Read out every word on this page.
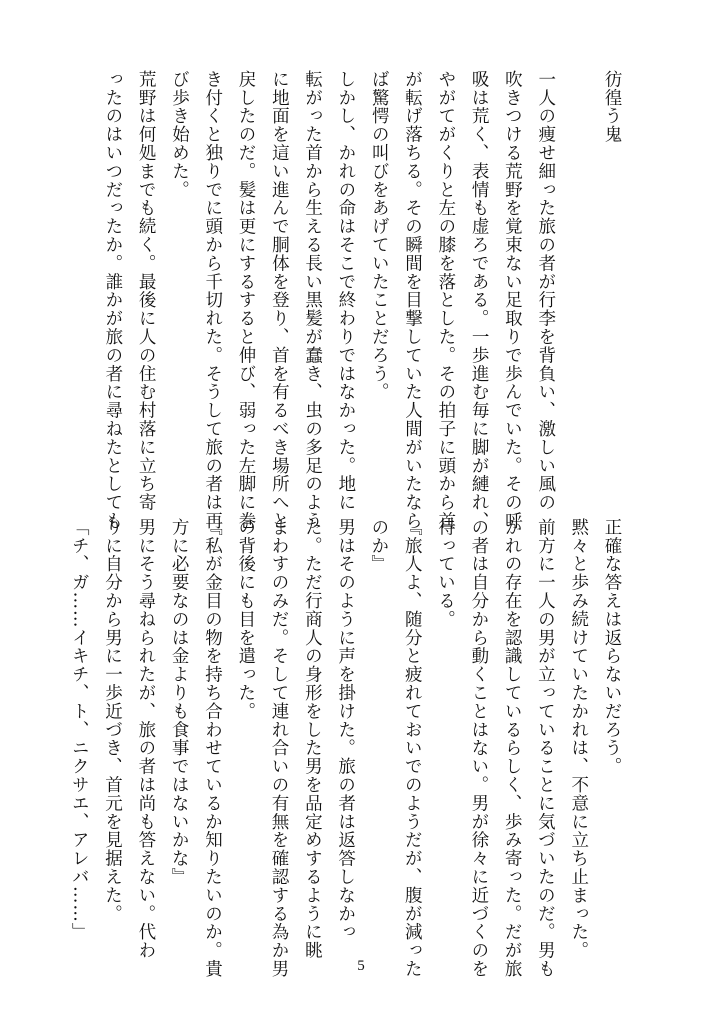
彷徨う鬼
一人の痩せ細った旅の者が行李を背負い、激しい風の
吹きつける荒野を覚束ない足取りで歩んでいた。その呼
吸は荒く、表情も虚ろである。一歩進む毎に脚が縺れ、
やがてがくりと左の膝を落とした。その拍子に頭から首
が転げ落ちる。その瞬間を目撃していた人間がいたなら
ば驚愕の叫びをあげていたことだろう。
しかし、かれの命はそこで終わりではなかった。地に
転がった首から生える長い黒髪が蠢き、虫の多足のよう
に地面を這い進んで胴体を登り、首を有るべき場所へと
戻したのだ。髪は更にするすると伸び、弱った左脚に巻
き付くと独りでに頭から千切れた。そうして旅の者は再
び歩き始めた。
荒野は何処までも続く。最後に人の住む村落に立ち寄
ったのはいつだったか。誰かが旅の者に尋ねたとしても
正確な答えは返らないだろう。
黙々と歩み続けていたかれは、不意に立ち止まった。
前方に一人の男が立っていることに気づいたのだ。男も
かれの存在を認識しているらしく、歩み寄った。だが旅
の者は自分から動くことはない。男が徐々に近づくのを
待っている。
『旅人よ、随分と疲れておいでのようだが、腹が減った
のか』
男はそのように声を掛けた。旅の者は返答しなかっ
た。ただ行商人の身形をした男を品定めするように眺
まわすのみだ。そして連れ合いの有無を確認する為か男
の背後にも目を遣った。
『私が金目の物を持ち合わせているか知りたいのか。貴
方に必要なのは金よりも食事ではないかな』
男にそう尋ねられたが、旅の者は尚も答えない。代わ
りに自分から男に一歩近づき、首元を見据えた。
「チ、ガ……イキチ、ト、ニクサエ、アレバ……」
5
